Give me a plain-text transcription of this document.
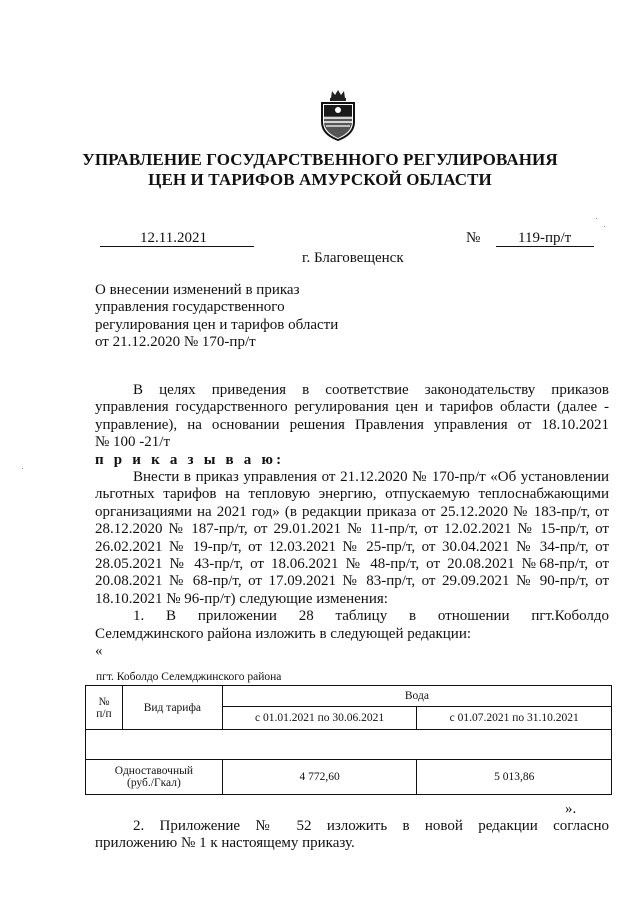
УПРАВЛЕНИЕ ГОСУДАРСТВЕННОГО РЕГУЛИРОВАНИЯ
ЦЕН И ТАРИФОВ АМУРСКОЙ ОБЛАСТИ
12.11.2021	№	119-пр/т
г. Благовещенск
О внесении изменений в приказ
управления государственного
регулирования цен и тарифов области
от 21.12.2020 № 170-пр/т
В целях приведения в соответствие законодательству приказов
управления государственного регулирования цен и тарифов области (далее -
управление), на основании решения Правления управления от 18.10.2021
№ 100 -21/т
п р и к а з ы в а ю:
Внести в приказ управления от 21.12.2020 № 170-пр/т «Об установлении
льготных тарифов на тепловую энергию, отпускаемую теплоснабжающими
организациями на 2021 год» (в редакции приказа от 25.12.2020 № 183-пр/т, от
28.12.2020 № 187-пр/т, от 29.01.2021 № 11-пр/т, от 12.02.2021 № 15-пр/т, от
26.02.2021 № 19-пр/т, от 12.03.2021 № 25-пр/т, от 30.04.2021 № 34-пр/т, от
28.05.2021 № 43-пр/т, от 18.06.2021 № 48-пр/т, от 20.08.2021 №68-пр/т, от
20.08.2021 № 68-пр/т, от 17.09.2021 № 83-пр/т, от 29.09.2021 № 90-пр/т, от
18.10.2021 № 96-пр/т) следующие изменения:
1. В приложении 28 таблицу в отношении пгт.Коболдо
Селемджинского района изложить в следующей редакции:
«
пгт. Коболдо Селемджинского района
№
п/п	Вид тарифа	Вода	
		с 01.01.2021 по 30.06.2021	с 01.07.2021 по 31.10.2021

Одноставочный
(руб./Гкал)		4 772,60	5 013,86
».
2. Приложение № 52 изложить в новой редакции согласно
приложению № 1 к настоящему приказу.
